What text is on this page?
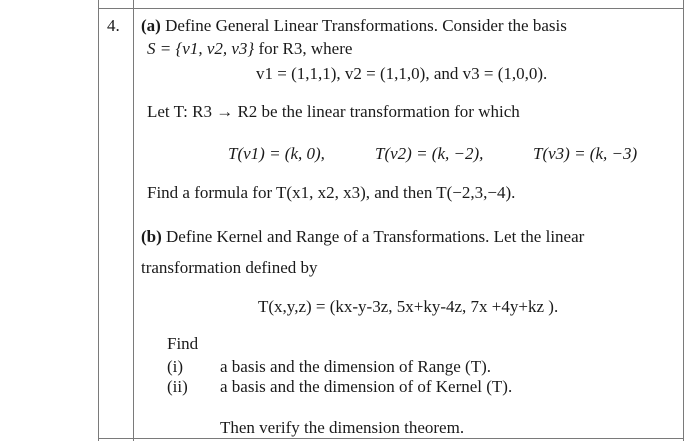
4. (a) Define General Linear Transformations. Consider the basis
S = {v1, v2, v3} for R3, where
v1 = (1,1,1), v2 = (1,1,0), and v3 = (1,0,0).
Let T: R3 → R2 be the linear transformation for which
T(v1) = (k, 0),	T(v2) = (k, −2),	T(v3) = (k, −3)
Find a formula for T(x1, x2, x3), and then T(−2,3,−4).
(b) Define Kernel and Range of a Transformations. Let the linear
transformation defined by
T(x,y,z) = (kx-y-3z, 5x+ky-4z, 7x +4y+kz ).
Find
(i) a basis and the dimension of Range (T).
(ii) a basis and the dimension of of Kernel (T).
Then verify the dimension theorem.
